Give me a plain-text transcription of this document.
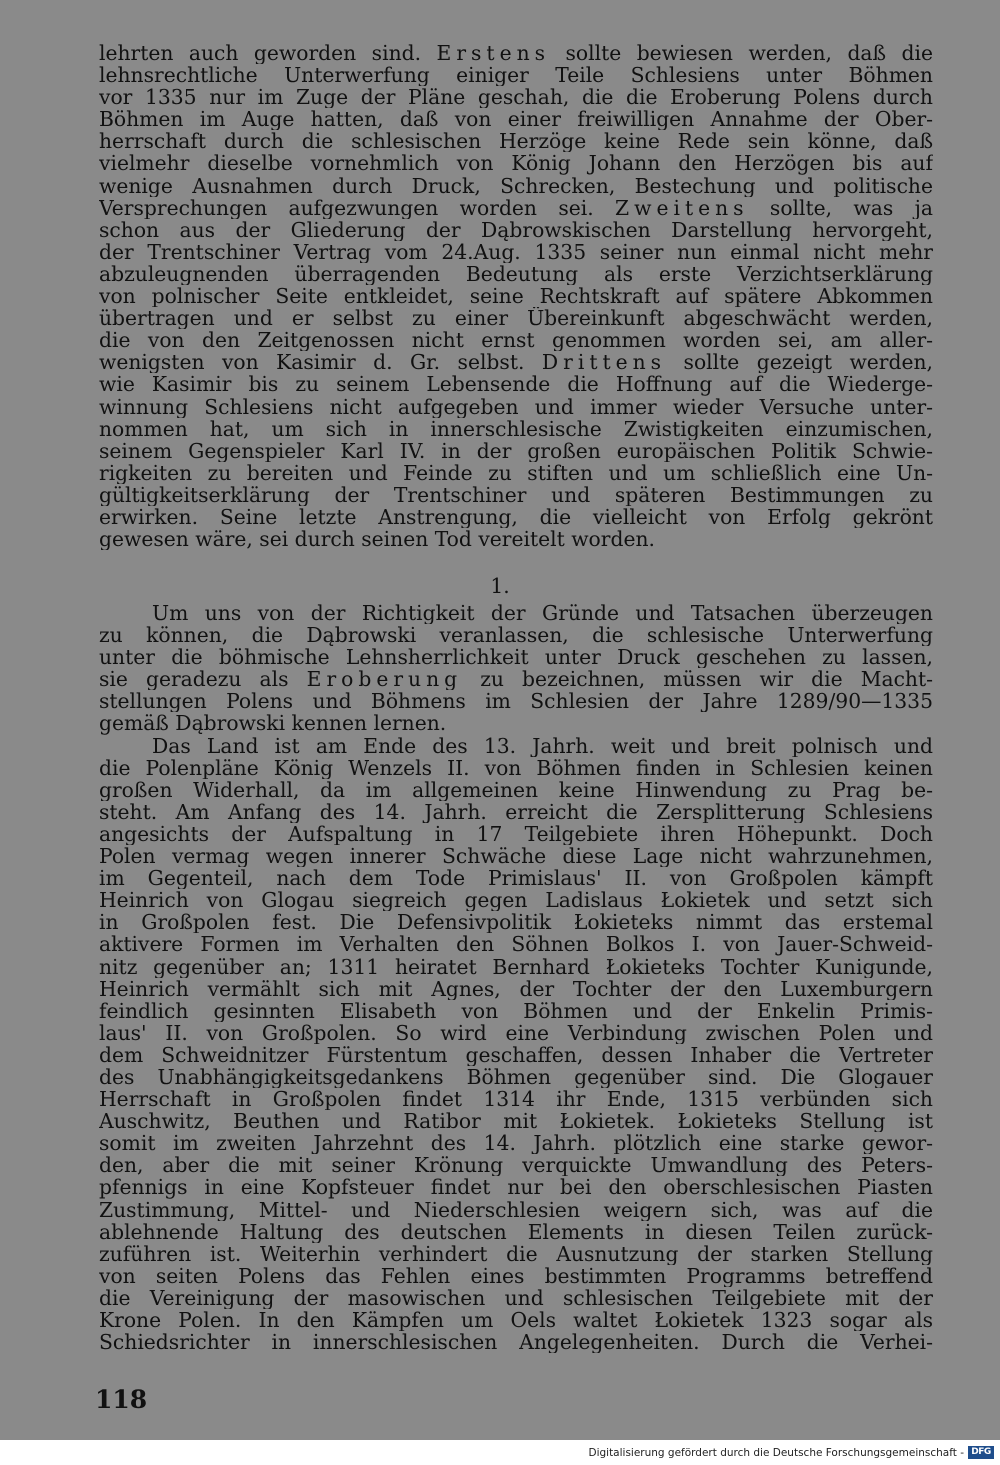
lehrten auch geworden sind. Erstens sollte bewiesen werden, daß die
lehnsrechtliche Unterwerfung einiger Teile Schlesiens unter Böhmen
vor 1335 nur im Zuge der Pläne geschah, die die Eroberung Polens durch
Böhmen im Auge hatten, daß von einer freiwilligen Annahme der Ober-
herrschaft durch die schlesischen Herzöge keine Rede sein könne, daß
vielmehr dieselbe vornehmlich von König Johann den Herzögen bis auf
wenige Ausnahmen durch Druck, Schrecken, Bestechung und politische
Versprechungen aufgezwungen worden sei. Zweitens sollte, was ja
schon aus der Gliederung der Dąbrowskischen Darstellung hervorgeht,
der Trentschiner Vertrag vom 24.Aug. 1335 seiner nun einmal nicht mehr
abzuleugnenden überragenden Bedeutung als erste Verzichtserklärung
von polnischer Seite entkleidet, seine Rechtskraft auf spätere Abkommen
übertragen und er selbst zu einer Übereinkunft abgeschwächt werden,
die von den Zeitgenossen nicht ernst genommen worden sei, am aller-
wenigsten von Kasimir d. Gr. selbst. Drittens sollte gezeigt werden,
wie Kasimir bis zu seinem Lebensende die Hoffnung auf die Wiederge-
winnung Schlesiens nicht aufgegeben und immer wieder Versuche unter-
nommen hat, um sich in innerschlesische Zwistigkeiten einzumischen,
seinem Gegenspieler Karl IV. in der großen europäischen Politik Schwie-
rigkeiten zu bereiten und Feinde zu stiften und um schließlich eine Un-
gültigkeitserklärung der Trentschiner und späteren Bestimmungen zu
erwirken. Seine letzte Anstrengung, die vielleicht von Erfolg gekrönt
gewesen wäre, sei durch seinen Tod vereitelt worden.
1.
Um uns von der Richtigkeit der Gründe und Tatsachen überzeugen
zu können, die Dąbrowski veranlassen, die schlesische Unterwerfung
unter die böhmische Lehnsherrlichkeit unter Druck geschehen zu lassen,
sie geradezu als Eroberung zu bezeichnen, müssen wir die Macht-
stellungen Polens und Böhmens im Schlesien der Jahre 1289/90—1335
gemäß Dąbrowski kennen lernen.
Das Land ist am Ende des 13. Jahrh. weit und breit polnisch und
die Polenpläne König Wenzels II. von Böhmen finden in Schlesien keinen
großen Widerhall, da im allgemeinen keine Hinwendung zu Prag be-
steht. Am Anfang des 14. Jahrh. erreicht die Zersplitterung Schlesiens
angesichts der Aufspaltung in 17 Teilgebiete ihren Höhepunkt. Doch
Polen vermag wegen innerer Schwäche diese Lage nicht wahrzunehmen,
im Gegenteil, nach dem Tode Primislaus' II. von Großpolen kämpft
Heinrich von Glogau siegreich gegen Ladislaus Łokietek und setzt sich
in Großpolen fest. Die Defensivpolitik Łokieteks nimmt das erstemal
aktivere Formen im Verhalten den Söhnen Bolkos I. von Jauer-Schweid-
nitz gegenüber an; 1311 heiratet Bernhard Łokieteks Tochter Kunigunde,
Heinrich vermählt sich mit Agnes, der Tochter der den Luxemburgern
feindlich gesinnten Elisabeth von Böhmen und der Enkelin Primis-
laus' II. von Großpolen. So wird eine Verbindung zwischen Polen und
dem Schweidnitzer Fürstentum geschaffen, dessen Inhaber die Vertreter
des Unabhängigkeitsgedankens Böhmen gegenüber sind. Die Glogauer
Herrschaft in Großpolen findet 1314 ihr Ende, 1315 verbünden sich
Auschwitz, Beuthen und Ratibor mit Łokietek. Łokieteks Stellung ist
somit im zweiten Jahrzehnt des 14. Jahrh. plötzlich eine starke gewor-
den, aber die mit seiner Krönung verquickte Umwandlung des Peters-
pfennigs in eine Kopfsteuer findet nur bei den oberschlesischen Piasten
Zustimmung, Mittel- und Niederschlesien weigern sich, was auf die
ablehnende Haltung des deutschen Elements in diesen Teilen zurück-
zuführen ist. Weiterhin verhindert die Ausnutzung der starken Stellung
von seiten Polens das Fehlen eines bestimmten Programms betreffend
die Vereinigung der masowischen und schlesischen Teilgebiete mit der
Krone Polen. In den Kämpfen um Oels waltet Łokietek 1323 sogar als
Schiedsrichter in innerschlesischen Angelegenheiten. Durch die Verhei-
118
Digitalisierung gefördert durch die Deutsche Forschungsgemeinschaft - DFG
